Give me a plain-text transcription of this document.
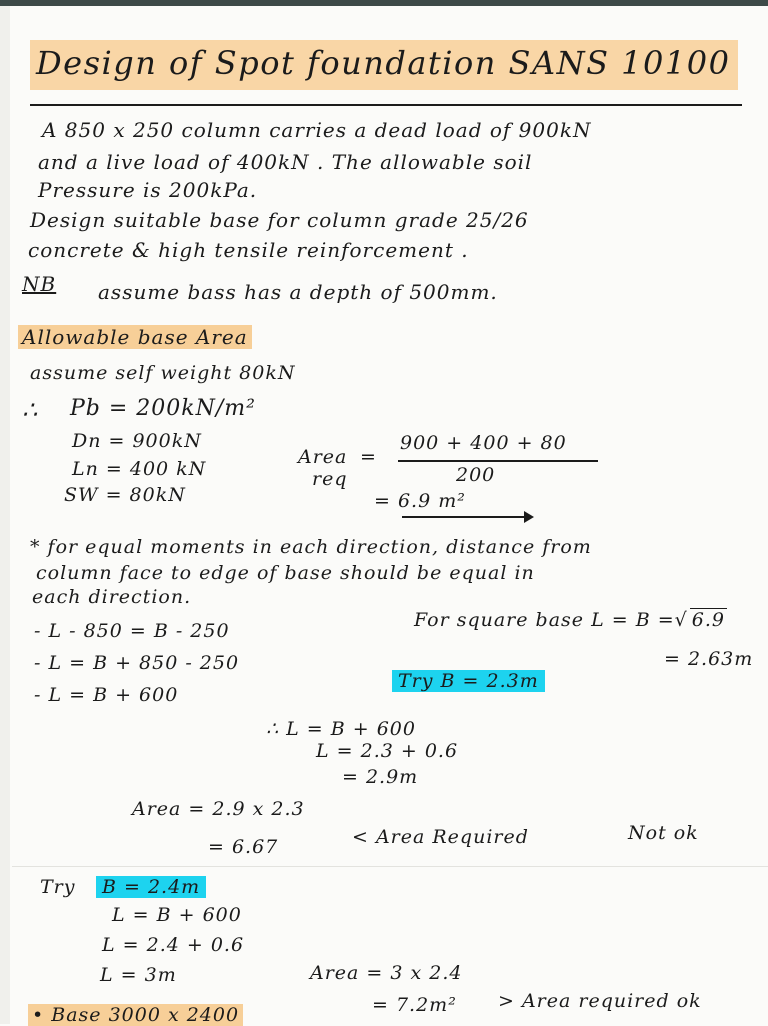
Design of Spot foundation SANS 10100
A 850 x 250 column carries a dead load of 900kN
and a live load of 400kN . The allowable soil
Pressure is 200kPa.
Design suitable base for column grade 25/26
concrete & high tensile reinforcement .
NB assume bass has a depth of 500mm.
Allowable base Area
assume self weight 80kN
∴ Pb = 200kN/m²
Dn = 900kN
Ln = 400 kN
SW = 80kN
Area
req
=
900 + 400 + 80
200
= 6.9 m²
* for equal moments in each direction, distance from
column face to edge of base should be equal in
each direction.
- L - 850 = B - 250
- L = B + 850 - 250
- L = B + 600
For square base L = B =√ 6.9
= 2.63m
Try B = 2.3m
∴ L = B + 600
L = 2.3 + 0.6
= 2.9m
Area = 2.9 x 2.3
= 6.67	< Area Required	Not ok
Try	B = 2.4m
L = B + 600
L = 2.4 + 0.6
L = 3m	Area = 3 x 2.4
= 7.2m² > Area required ok
• Base 3000 x 2400
